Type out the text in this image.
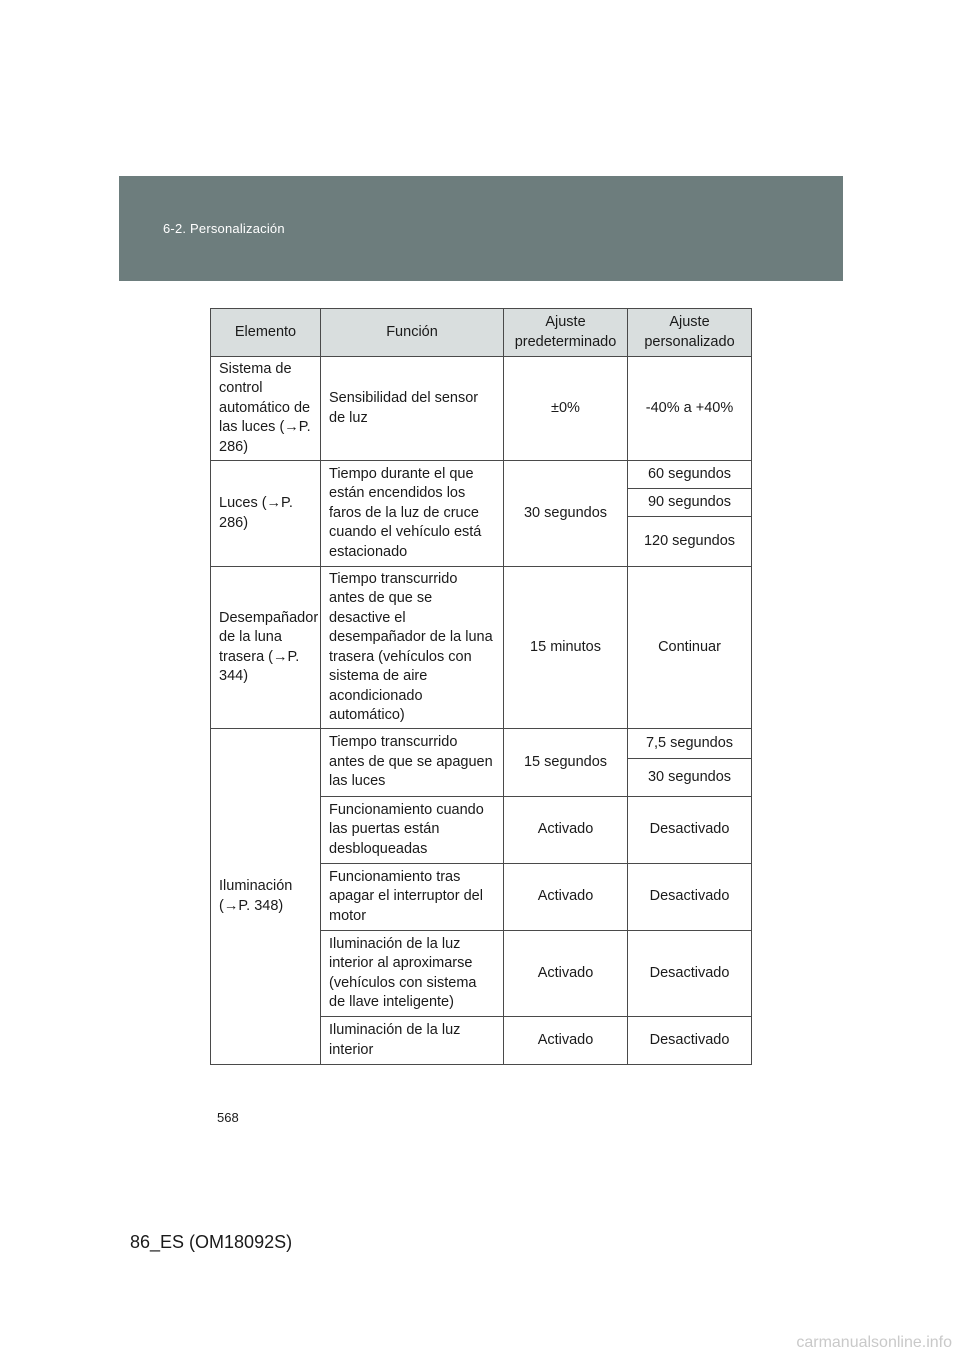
6-2. Personalización
Elemento	Función	Ajuste predeterminado	Ajuste personalizado
Sistema de control automático de las luces (→P. 286)	Sensibilidad del sensor de luz	±0%	-40% a +40%
Luces (→P. 286)	Tiempo durante el que están encendidos los faros de la luz de cruce cuando el vehículo está estacionado	30 segundos	60 segundos
			90 segundos
			120 segundos
Desempañador de la luna trasera (→P. 344)	Tiempo transcurrido antes de que se desactive el desempañador de la luna trasera (vehículos con sistema de aire acondicionado automático)	15 minutos	Continuar
Iluminación (→P. 348)	Tiempo transcurrido antes de que se apaguen las luces	15 segundos	7,5 segundos
			30 segundos
	Funcionamiento cuando las puertas están desbloqueadas	Activado	Desactivado
	Funcionamiento tras apagar el interruptor del motor	Activado	Desactivado
	Iluminación de la luz interior al aproximarse (vehículos con sistema de llave inteligente)	Activado	Desactivado
	Iluminación de la luz interior	Activado	Desactivado
568
86_ES (OM18092S)
carmanualsonline.info
